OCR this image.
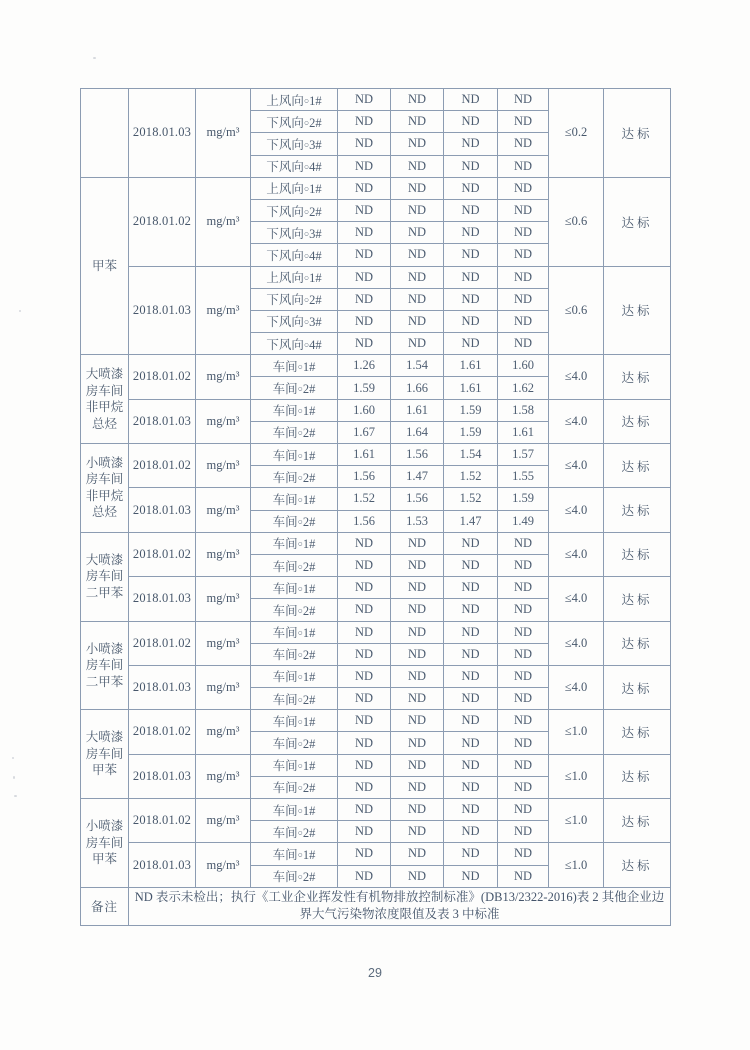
	2018.01.03	mg/m³	上风向○1#	ND	ND	ND	ND	≤0.2	达标
			下风向○2#	ND	ND	ND	ND		
			下风向○3#	ND	ND	ND	ND		
			下风向○4#	ND	ND	ND	ND		
甲苯	2018.01.02	mg/m³	上风向○1#	ND	ND	ND	ND	≤0.6	达标
			下风向○2#	ND	ND	ND	ND		
			下风向○3#	ND	ND	ND	ND		
			下风向○4#	ND	ND	ND	ND		
	2018.01.03	mg/m³	上风向○1#	ND	ND	ND	ND	≤0.6	达标
			下风向○2#	ND	ND	ND	ND		
			下风向○3#	ND	ND	ND	ND		
			下风向○4#	ND	ND	ND	ND		
大喷漆
房车间
非甲烷
总烃	2018.01.02	mg/m³	车间○1#	1.26	1.54	1.61	1.60	≤4.0	达标
			车间○2#	1.59	1.66	1.61	1.62		
	2018.01.03	mg/m³	车间○1#	1.60	1.61	1.59	1.58	≤4.0	达标
			车间○2#	1.67	1.64	1.59	1.61		
小喷漆
房车间
非甲烷
总烃	2018.01.02	mg/m³	车间○1#	1.61	1.56	1.54	1.57	≤4.0	达标
			车间○2#	1.56	1.47	1.52	1.55		
	2018.01.03	mg/m³	车间○1#	1.52	1.56	1.52	1.59	≤4.0	达标
			车间○2#	1.56	1.53	1.47	1.49		
大喷漆
房车间
二甲苯	2018.01.02	mg/m³	车间○1#	ND	ND	ND	ND	≤4.0	达标
			车间○2#	ND	ND	ND	ND		
	2018.01.03	mg/m³	车间○1#	ND	ND	ND	ND	≤4.0	达标
			车间○2#	ND	ND	ND	ND		
小喷漆
房车间
二甲苯	2018.01.02	mg/m³	车间○1#	ND	ND	ND	ND	≤4.0	达标
			车间○2#	ND	ND	ND	ND		
	2018.01.03	mg/m³	车间○1#	ND	ND	ND	ND	≤4.0	达标
			车间○2#	ND	ND	ND	ND		
大喷漆
房车间
甲苯	2018.01.02	mg/m³	车间○1#	ND	ND	ND	ND	≤1.0	达标
			车间○2#	ND	ND	ND	ND		
	2018.01.03	mg/m³	车间○1#	ND	ND	ND	ND	≤1.0	达标
			车间○2#	ND	ND	ND	ND		
小喷漆
房车间
甲苯	2018.01.02	mg/m³	车间○1#	ND	ND	ND	ND	≤1.0	达标
			车间○2#	ND	ND	ND	ND		
	2018.01.03	mg/m³	车间○1#	ND	ND	ND	ND	≤1.0	达标
			车间○2#	ND	ND	ND	ND		
备注	ND 表示未检出；执行《工业企业挥发性有机物排放控制标准》(DB13/2322-2016)表 2 其他企业边界大气污染物浓度限值及表 3 中标准								
29
